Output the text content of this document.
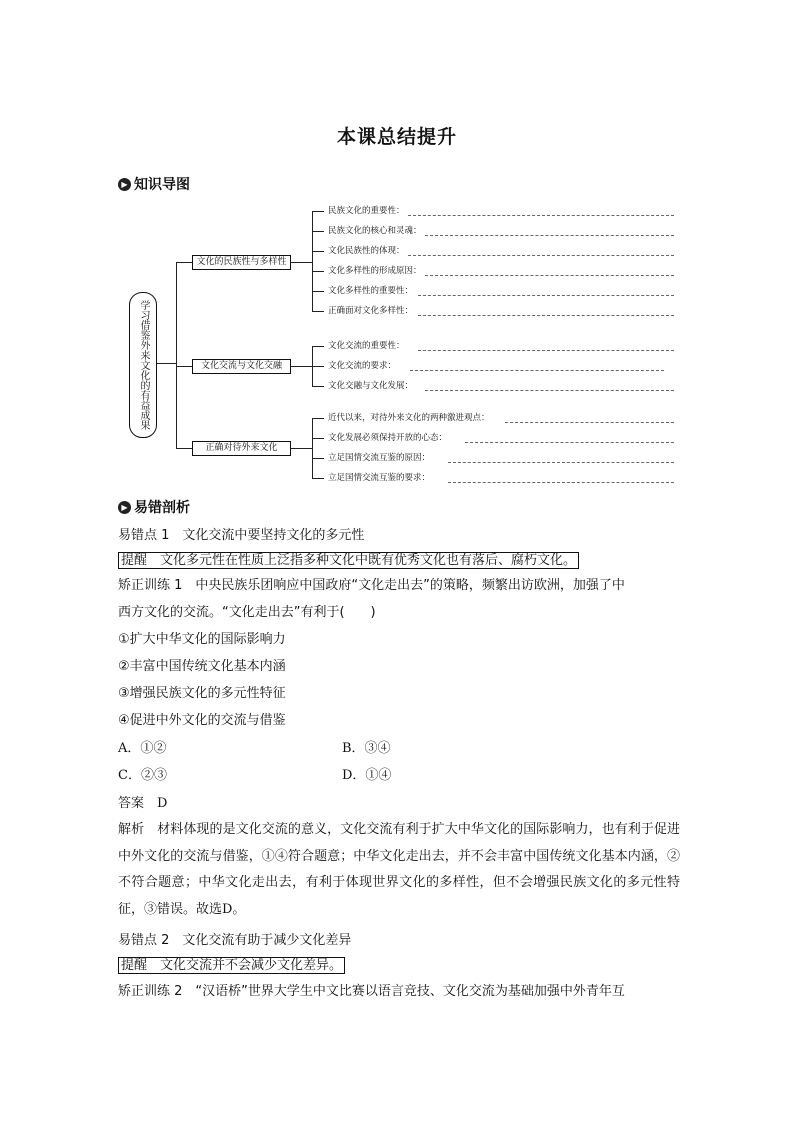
本课总结提升
▶ 知识导图
学习借鉴外来文化的有益成果
文化的民族性与多样性
文化交流与文化交融
正确对待外来文化
民族文化的重要性：
民族文化的核心和灵魂：
文化民族性的体现：
文化多样性的形成原因：
文化多样性的重要性：
正确面对文化多样性：
文化交流的重要性：
文化交流的要求：
文化交融与文化发展：
近代以来，对待外来文化的两种激进观点：
文化发展必须保持开放的心态：
立足国情交流互鉴的原因：
立足国情交流互鉴的要求：
▶ 易错剖析
易错点 1　文化交流中要坚持文化的多元性
提醒　文化多元性在性质上泛指多种文化中既有优秀文化也有落后、腐朽文化。
矫正训练 1　中央民族乐团响应中国政府“文化走出去”的策略，频繁出访欧洲，加强了中
西方文化的交流。“文化走出去”有利于(　　)
①扩大中华文化的国际影响力
②丰富中国传统文化基本内涵
③增强民族文化的多元性特征
④促进中外文化的交流与借鉴
A．①②	B．③④
C．②③	D．①④
答案　D
解析　材料体现的是文化交流的意义，文化交流有利于扩大中华文化的国际影响力，也有利于促进中外文化的交流与借鉴，①④符合题意；中华文化走出去，并不会丰富中国传统文化基本内涵，②不符合题意；中华文化走出去，有利于体现世界文化的多样性，但不会增强民族文化的多元性特征，③错误。故选D。
易错点 2　文化交流有助于减少文化差异
提醒　文化交流并不会减少文化差异。
矫正训练 2　“汉语桥”世界大学生中文比赛以语言竞技、文化交流为基础加强中外青年互
